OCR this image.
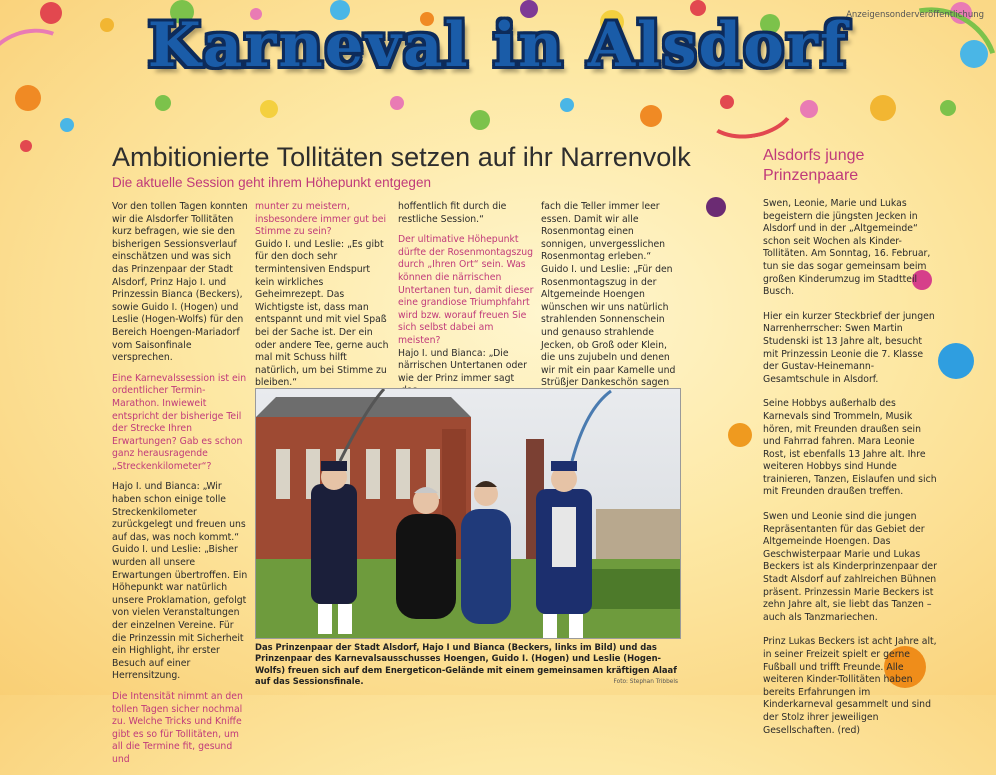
Anzeigensonderveröffentlichung
Karneval in Alsdorf
Ambitionierte Tollitäten setzen auf ihr Narrenvolk
Die aktuelle Session geht ihrem Höhepunkt entgegen

Vor den tollen Tagen konnten wir die Alsdorfer Tollitäten kurz befragen, wie sie den bisherigen Sessionsverlauf einschätzen und was sich das Prinzenpaar der Stadt Alsdorf, Prinz Hajo I. und Prinzessin Bianca (Beckers), sowie Guido I. (Hogen) und Leslie (Hogen-Wolfs) für den Bereich Hoengen-Mariadorf vom Saisonfinale versprechen.

Eine Karnevalssession ist ein ordentlicher Termin-Marathon. Inwieweit entspricht der bisherige Teil der Strecke Ihren Erwartungen? Gab es schon ganz herausragende „Streckenkilometer“?

Hajo I. und Bianca: „Wir haben schon einige tolle Streckenkilometer zurückgelegt und freuen uns auf das, was noch kommt.“

Guido I. und Leslie: „Bisher wurden all unsere Erwartungen übertroffen. Ein Höhepunkt war natürlich unsere Proklamation, gefolgt von vielen Veranstaltungen der einzelnen Vereine. Für die Prinzessin mit Sicherheit ein Highlight, ihr erster Besuch auf einer Herrensitzung.

Die Intensität nimmt an den tollen Tagen sicher nochmal zu. Welche Tricks und Kniffe gibt es so für Tollitäten, um all die Termine fit, gesund und

munter zu meistern, insbesondere immer gut bei Stimme zu sein?

Guido I. und Leslie: „Es gibt für den doch sehr termintensiven Endspurt kein wirkliches Geheimrezept. Das Wichtigste ist, dass man entspannt und mit viel Spaß bei der Sache ist. Der ein oder andere Tee, gerne auch mal mit Schuss hilft natürlich, um bei Stimme zu bleiben.“

hoffentlich fit durch die restliche Session.“

Der ultimative Höhepunkt dürfte der Rosenmontagszug durch „Ihren Ort“ sein. Was können die närrischen Untertanen tun, damit dieser eine grandiose Triumphfahrt wird bzw. worauf freuen Sie sich selbst dabei am meisten?

Hajo I. und Bianca: „Die närrischen Untertanen oder wie der Prinz immer sagt

fach die Teller immer leer essen. Damit wir alle Rosenmontag einen sonnigen, unvergesslichen Rosenmontag erleben.“

Guido I. und Leslie: „Für den Rosenmontagszug in der Altgemeinde Hoengen wünschen wir uns natürlich strahlenden Sonnenschein und genauso strahlende Jecken, ob Groß oder Klein, die uns zujubeln und denen wir mit ein paar Kamelle und Strüßjer Dankeschön sagen

Das Prinzenpaar der Stadt Alsdorf, Hajo I und Bianca (Beckers, links im Bild) und das Prinzenpaar des Karnevalsausschusses Hoengen, Guido I. (Hogen) und Leslie (Hogen-Wolfs) freuen sich auf dem Energeticon-Gelände mit einem gemeinsamen kräftigen Alaaf auf das Sessionsfinale.	Foto: Stephan Tribbels
Alsdorfs junge Prinzenpaare

Swen, Leonie, Marie und Lukas begeistern die jüngsten Jecken in Alsdorf und in der „Altgemeinde“ schon seit Wochen als Kinder-Tollitäten. Am Sonntag, 16. Februar, tun sie das sogar gemeinsam beim großen Kinderumzug im Stadtteil Busch.

Hier ein kurzer Steckbrief der jungen Narrenherrscher: Swen Martin Studenski ist 13 Jahre alt, besucht mit Prinzessin Leonie die 7. Klasse der Gustav-Heinemann-Gesamtschule in Alsdorf.

Seine Hobbys außerhalb des Karnevals sind Trommeln, Musik hören, mit Freunden draußen sein und Fahrrad fahren. Mara Leonie Rost, ist ebenfalls 13 Jahre alt. Ihre weiteren Hobbys sind Hunde trainieren, Tanzen, Eislaufen und sich mit Freunden draußen treffen.

Swen und Leonie sind die jungen Repräsentanten für das Gebiet der Altgemeinde Hoengen. Das Geschwisterpaar Marie und Lukas Beckers ist als Kinderprinzenpaar der Stadt Alsdorf auf zahlreichen Bühnen präsent. Prinzessin Marie Beckers ist zehn Jahre alt, sie liebt das Tanzen – auch als Tanzmariechen.

Prinz Lukas Beckers ist acht Jahre alt, in seiner Freizeit spielt er gerne Fußball und trifft Freunde. Alle weiteren Kinder-Tollitäten haben bereits Erfahrungen im Kinderkarneval gesammelt und sind der Stolz ihrer jeweiligen Gesellschaften. (red)
